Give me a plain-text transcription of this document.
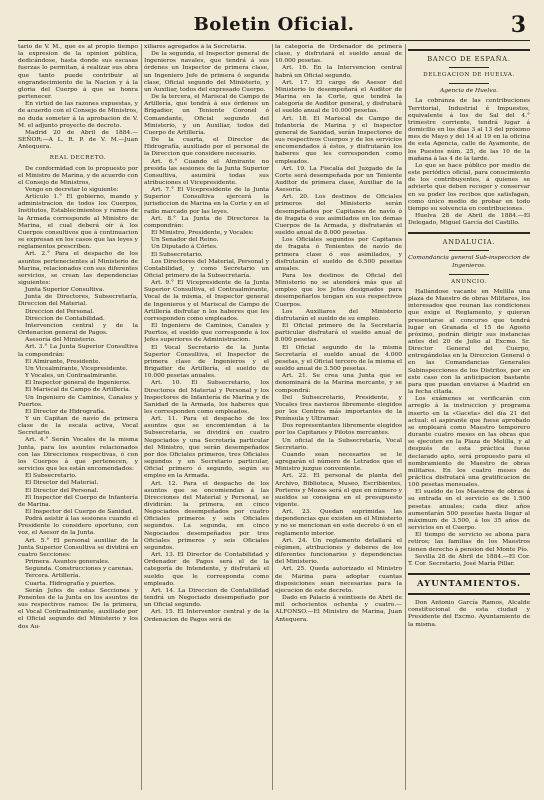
Boletin Oficial.	3

tario de V. M., que es al propio tiempo la expresion de la opinion pública, dedicándose, hasta donde sus escasas fuerzas lo permitan, á realizar sus obra que tanto puede contribuir al engrandecimiento de la Nacion y á la gloria del Cuerpo á que se honra pertenecer.

En virtud de las razones expuestas, y de acuerdo con el Consejo de Ministros, no duda someter á la aprobacion de V. M. el adjunto proyecto de decreto.

Madrid 20 de Abril de 1884.—SEÑOR:—A L. R. P. de V. M.—Juan Antequera.

REAL DECRETO.

De conformidad con lo propuesto por el Ministro de Marina, y de acuerdo con el Consejo de Ministros,

Vengo en decretar lo siguiente:

Artículo 1.° El gobierno, mando y administracion de todos los Cuerpos, Institutos, Establecimientos y ramos de la Armada corresponde al Ministro de Marina, el cual deberá oír á los Cuerpos consultivos que á continuacion se expresan en los casos que las leyes y reglamentos prescriben.

Art. 2.° Para el despacho de los asuntos pertenecientes al Ministerio de Marina, relacionados con sus diferentes servicios, se crean las dependencias siguientes:

Junta Superior Consultiva.

Junta de Directores, Subsecretaría, Direccion del Material.

Direccion del Personal.

Direccion de Contabilidad.

Intervencion central y de la Ordenacion general de Pagos.

Asesoría del Ministerio.

Art. 3.° La Junta Superior Consultiva la compondrán:

El Almirante, Presidente.

Un Vicealmirante, Vicepresidente.

Y Vocales, un Contraalmirante.

El Inspector general de Ingenieros.

El Mariscal de Campo de Artillería.

Un Ingeniero de Caminos, Canales y Puertos.

El Director de Hidrografía.

Y un Capitan de navío de primera clase de la escala activa, Vocal Secretario.

Art. 4.° Serán Vocales de la misma Junta, para los asuntos relacionados con las Direcciones respectivas, ó con los Cuerpos á que pertenecen, y servicios que les están encomendados:

El Subsecretario.

El Director del Material.

El Director del Personal.

El Inspector del Cuerpo de Infantería de Marina.

El Inspector del Cuerpo de Sanidad.

Podrá asistir á las sesiones cuando el Presidente lo considere oportuno, con voz, el Asesor de la Junta.

Art. 5.° El personal auxiliar de la Junta Superior Consultiva se dividirá en cuatro Secciones:

Primera. Asuntos generales.

Segunda. Construcciones y carenas.

Tercera. Artillería.

Cuarta. Hidrografía y puertos.

Serán Jefes de estas Secciones y Ponentes de la Junta en los asuntos de sus respectivos ramos: De la primera, el Vocal Contraalmirante, auxiliado por el Oficial segundo del Ministerio y los dos Au-

xiliares agregados á la Secretaría.

De la segunda, el Inspector general de Ingenieros navales, que tendrá á sus órdenes un Inspector de primera clase, un Ingeniero Jefe de primera ó segunda clase, Oficial segundo del Ministerio, y un Auxiliar, todos del expresado Cuerpo.

De la tercera, el Mariscal de Campo de Artillería, que tendrá á sus órdenes un Brigadier, un Teniente Coronel ó Comandante, Oficial segundo del Ministerio, y un Auxiliar, todos del Cuerpo de Artillería.

De la cuarta, el Director de Hidrografía, auxiliado por el personal de la Direccion que considere necesario.

Art. 6.° Cuando el Almirante no presida las sesiones de la Junta Superior Consultiva, asumirá todas sus atribuciones el Vicepresidente.

Art. 7.° El Vicepresidente de la Junta Superior Consultiva ejercerá la jurisdiccion de Marina en la Corte y en el radio marcado por las leyes.

Art. 8.° La Junta de Directores la compondrán:

El Ministro, Presidente, y Vocales:

Un Senador del Reino.

Un Diputado á Córtes.

El Subsecretario.

Los Directores del Material, Personal y Contabilidad, y como Secretario un Oficial primero de la Subsecretaría.

Art. 9.° El Vicepresidente de la Junta Superior Consultiva, el Contraalmirante, Vocal de la misma, el Inspector general de Ingenieros y el Mariscal de Campo de Artillería disfrutar n los haberes que les corresponden como empleados.

El Ingeniero de Caminos, Canales y Puertos, el sueldo que corresponde á los Jefes superiores de Administracion.

El Vocal Secretario de la Junta Superior Consultiva, el Inspector de primera clase de Ingenieros y el Brigadier de Artillería, el sueldo de 10.000 pesetas anuales.

Art. 10. El Subsecretario, los Directores del Material y Personal y los Inspectores de Infantería de Marina y de Sanidad de la Armada, los haberes que les corresponden como empleados.

Art. 11. Para el despacho de los asuntos que se encomiendan á la Subsecretaría, se dividirá en cuatro Negociados y una Secretaría particular del Ministro, que serán desempeñados por dos Oficiales primeros, tres Oficiales segundos y un Secretario particular, Oficial primero ó segundo, según su empleo en la Armada.

Art. 12. Para el despacho de los asuntos que se encomiendan á las Direcciones del Material y Personal, se dividirán: la primera, en cinco Negociados desempeñados por cuatro Oficiales primeros y seis Oficiales segundos. La segunda, en cinco Negociados desempeñados por tres Oficiales primeros y seis Oficiales segundos.

Art. 13. El Director de Contabilidad y Ordenador de Pagos será el de la categoría de Intendente, y disfrutará el sueldo que le corresponda como empleado.

Art. 14. La Direccion de Contabilidad tendrá un Negociado desempeñado por un Oficial segundo.

Art. 15. El Interventor central y de la Ordenacion de Pagos será de

la categoría de Ordenador de primera clase, y disfrutará el sueldo anual de 10.000 pesetas.

Art. 16. En la Intervencion central habrá un Oficial segundo.

Art. 17. El cargo de Asesor del Ministerio lo desempeñará el Auditor de Marina en la Corte, que tendrá la categoría de Auditor general, y disfrutará el sueldo anual de 10.000 pesetas.

Art. 18. El Mariscal de Campo de Infantería de Marina y el Inspector general de Sanidad, serán Inspectores de sus respectivos Cuerpos y de los servicios encomendados á éstos, y disfrutarán los haberes que les corresponden como empleados.

Art. 19. La Fiscalía del Juzgado de la Corte será desempeñada por un Teniente Auditor de primera clase, Auxiliar de la Asesoría.

Art. 20. Los destinos de Oficiales primeros del Ministerio serán desempeñados por Capitanes de navío ó de fragata ó sus asimilados en los demas Cuerpos de la Armada, y disfrutarán el sueldo anual de 8.000 pesetas.

Los Oficiales segundos por Capitanes de fragata ó Tenientes de navío de primera clase ó sus asimilados, y disfrutarán el sueldo de 6.500 pesetas anuales.

Para los destinos de Oficial del Ministerio no se atenderá más que al empleo que los Jefes designados para desempeñarlos tengan en sus respectivos Cuerpos.

Los Auxiliares del Ministerio disfrutarán el sueldo de su empleo.

El Oficial primero de la Secretaría particular disfrutará el sueldo anual de 8.000 pesetas.

El Oficial segundo de la misma Secretaría el sueldo anual de 4.000 pesetas, y el Oficial tercero de la misma el sueldo anual de 3.500 pesetas.

Art. 21. Se crea una Junta que se denominará de la Marina mercante, y se compondrá:

Del Subsecretario, Presidente, y Vocales tres navieros libremente elegidos por los Centros más importantes de la Península y Ultramar.

Dos representantes libremente elegidos por los Capitanes y Pilotos mercantes.

Un oficial de la Subsecretaría, Vocal Secretario.

Cuando sean necesarios se le agregarán el número de Letrados que el Ministro juzgue conveniente.

Art. 22. El personal de planta del Archivo, Biblioteca, Museo, Escribientes, Porteros y Mozos será el que en número y sueldos se consigna en el presupuesto vigente.

Art. 23. Quedan suprimidas las dependencias que existen en el Ministerio y no se mencionan en este decreto ó en el reglamento interior.

Art. 24. Un reglamento detallará el régimen, atribuciones y deberes de los diferentes funcionarios y dependencias del Ministerio.

Art. 25. Queda autorizado el Ministro de Marina para adoptar cuantas disposiciones sean necesarias para la ejecucion de este decreto.

Dado en Palacio á veintiseis de Abril de mil ochocientos ochenta y cuatro.—ALFONSO.—El Ministro de Marina, Juan Antequera.

BANCO DE ESPAÑA.

DELEGACION DE HUELVA.

Agencia de Huelva.

La cobranza de las contribuciones Territorial, Industrial é Impuestos, equivalente á los de Sal del 4.° trimestre corriente, tendrá lugar á domicilio en los días 3 al 13 del próximo mes de Mayo y del 14 al 19 en la oficina de esta Agencia, calle de Ayamonte, de los Puestos núm. 25, de las 10 de la mañana á las 4 de la tarde.

Lo que se hace público por medio de este periódico oficial, para conocimiento de los contribuyentes, á quienes se advierte que deben recoger y conservar en su poder los recibos que satisfagan, como único medio de probar en todo tiempo su solvencia en contribuciones.

Huelva 28 de Abril de 1884.—El Delegado, Miguel García del Castillo.

ANDALUCIA.

Comandancia general Sub-inspeccion de Ingenieros.

ANUNCIO.

Hallándose vacante en Melilla una plaza de Maestro de obras Militares, los interesados que reunan las condiciones que exige el Reglamento, y quieran presentarse al concurso que tendrá lugar en Granada el 15 de Agosto próximo, podrán dirigir sus instancias antes del 20 de Julio al Excmo. Sr. Director General del Cuerpo, entregándolas en la Direccion General ó en las Comandancias Generales Subinspecciones de los Distritos, por en este caso con la anticipacion bastante para que puedan enviarse á Madrid en la fecha citada.

Los exámenes se verificarán con arreglo á la instruccion y programa inserto en la «Gaceta» del día 21 del actual: el aspirante que fuese aprobado se empleará como Maestro temporero durante cuatro meses en las obras que se ejecuten en la Plaza de Melilla, y al después de esta práctica fuese declarado apto, será propuesto para el nombramiento de Maestro de obras militares. En los cuatro meses de práctica disfrutará una gratificacion de 100 pesetas mensuales.

El sueldo de los Maestros de obras á su entrada en el servicio es de 1.500 pesetas anuales; cada diez años aumentarán 500 pesetas hasta llegar al máximum de 3.500, á los 35 años de servicios en el Cuerpo.

El tiempo de servicio se abona para retiros; las familias de los Maestros tienen derecho á pension del Monte Pío.

Sevilla 28 de Abril de 1884.—El Cor. T. Cor. Secretario, José María Pillar.

AYUNTAMIENTOS.

Don Antonio García Ramos, Alcalde constitucional de esta ciudad y Presidente del Excmo. Ayuntamiento de la misma.
